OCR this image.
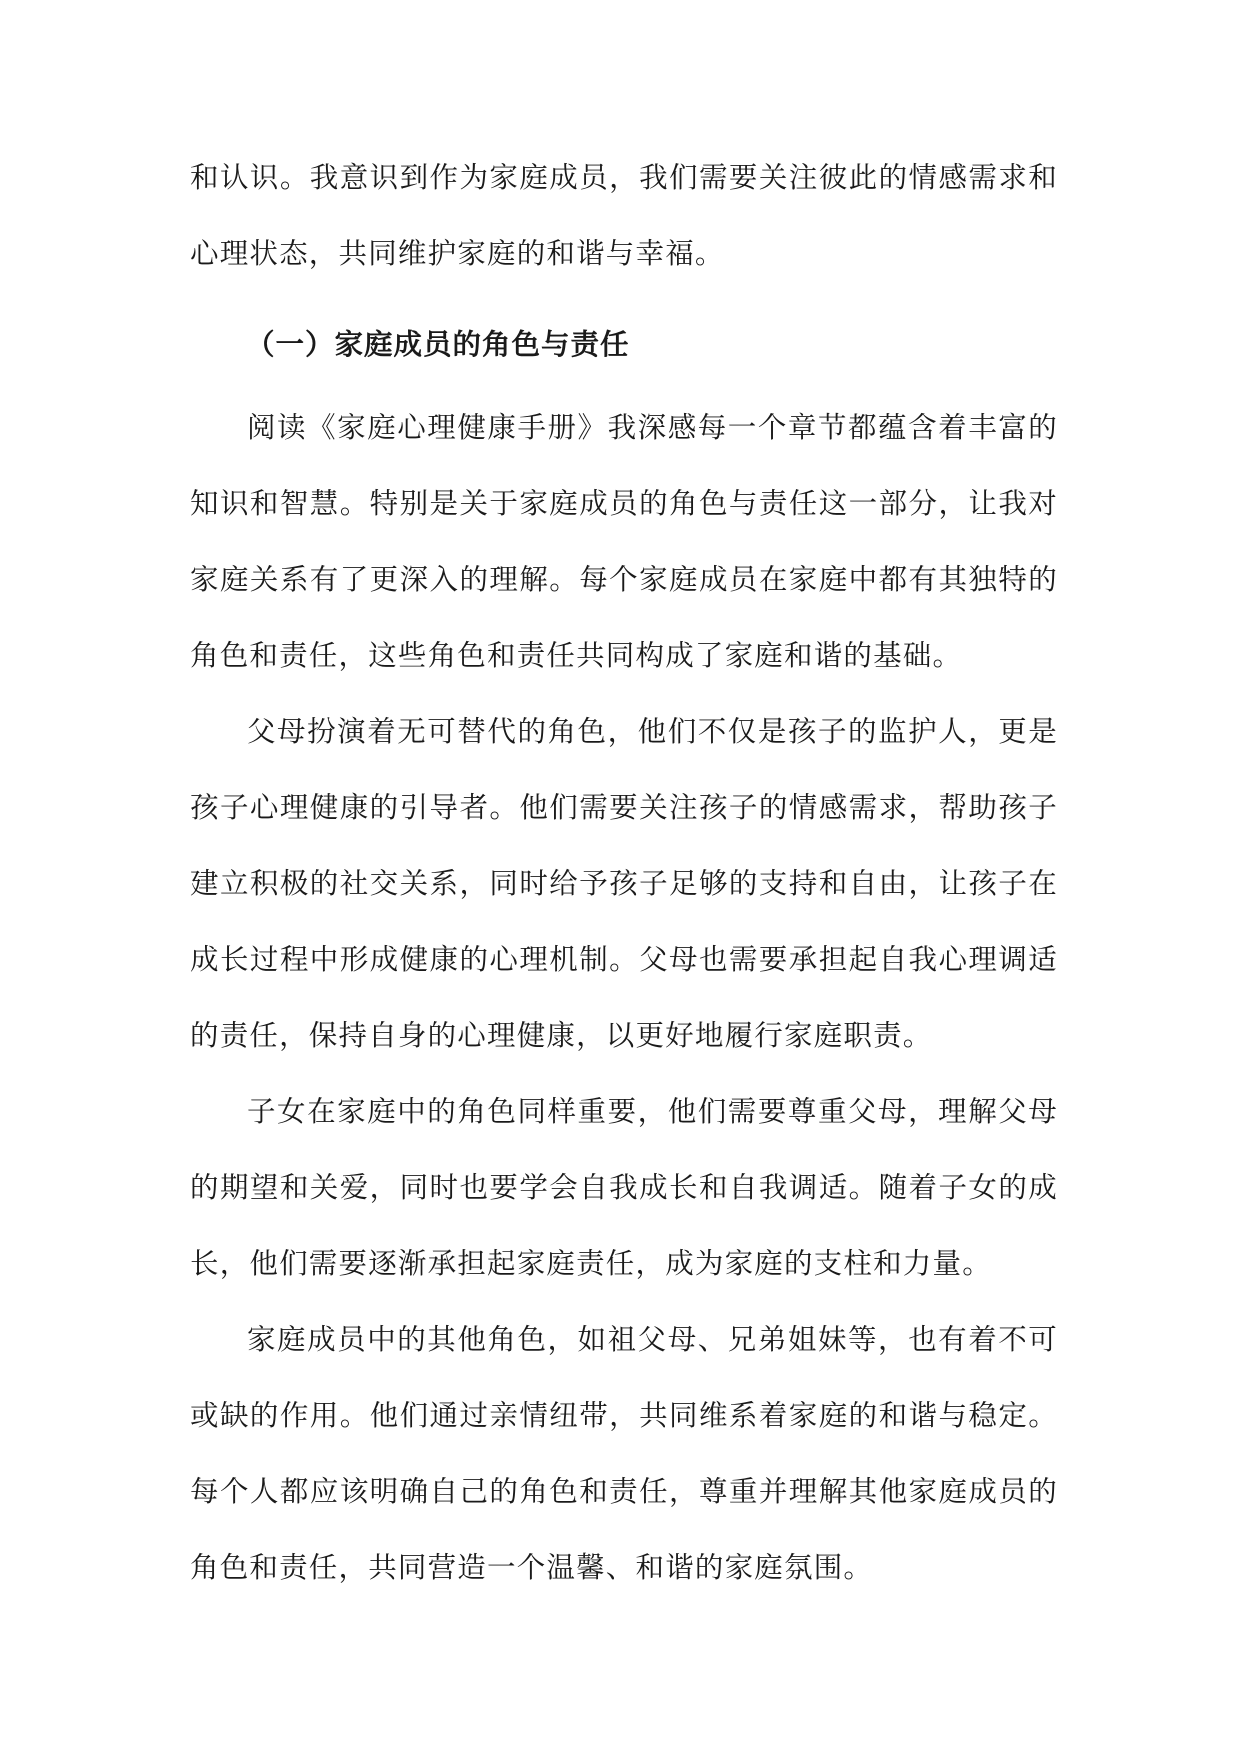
和认识。我意识到作为家庭成员，我们需要关注彼此的情感需求和心理状态，共同维护家庭的和谐与幸福。

（一）家庭成员的角色与责任

阅读《家庭心理健康手册》我深感每一个章节都蕴含着丰富的知识和智慧。特别是关于家庭成员的角色与责任这一部分，让我对家庭关系有了更深入的理解。每个家庭成员在家庭中都有其独特的角色和责任，这些角色和责任共同构成了家庭和谐的基础。

父母扮演着无可替代的角色，他们不仅是孩子的监护人，更是孩子心理健康的引导者。他们需要关注孩子的情感需求，帮助孩子建立积极的社交关系，同时给予孩子足够的支持和自由，让孩子在成长过程中形成健康的心理机制。父母也需要承担起自我心理调适的责任，保持自身的心理健康，以更好地履行家庭职责。

子女在家庭中的角色同样重要，他们需要尊重父母，理解父母的期望和关爱，同时也要学会自我成长和自我调适。随着子女的成长，他们需要逐渐承担起家庭责任，成为家庭的支柱和力量。

家庭成员中的其他角色，如祖父母、兄弟姐妹等，也有着不可或缺的作用。他们通过亲情纽带，共同维系着家庭的和谐与稳定。每个人都应该明确自己的角色和责任，尊重并理解其他家庭成员的角色和责任，共同营造一个温馨、和谐的家庭氛围。
